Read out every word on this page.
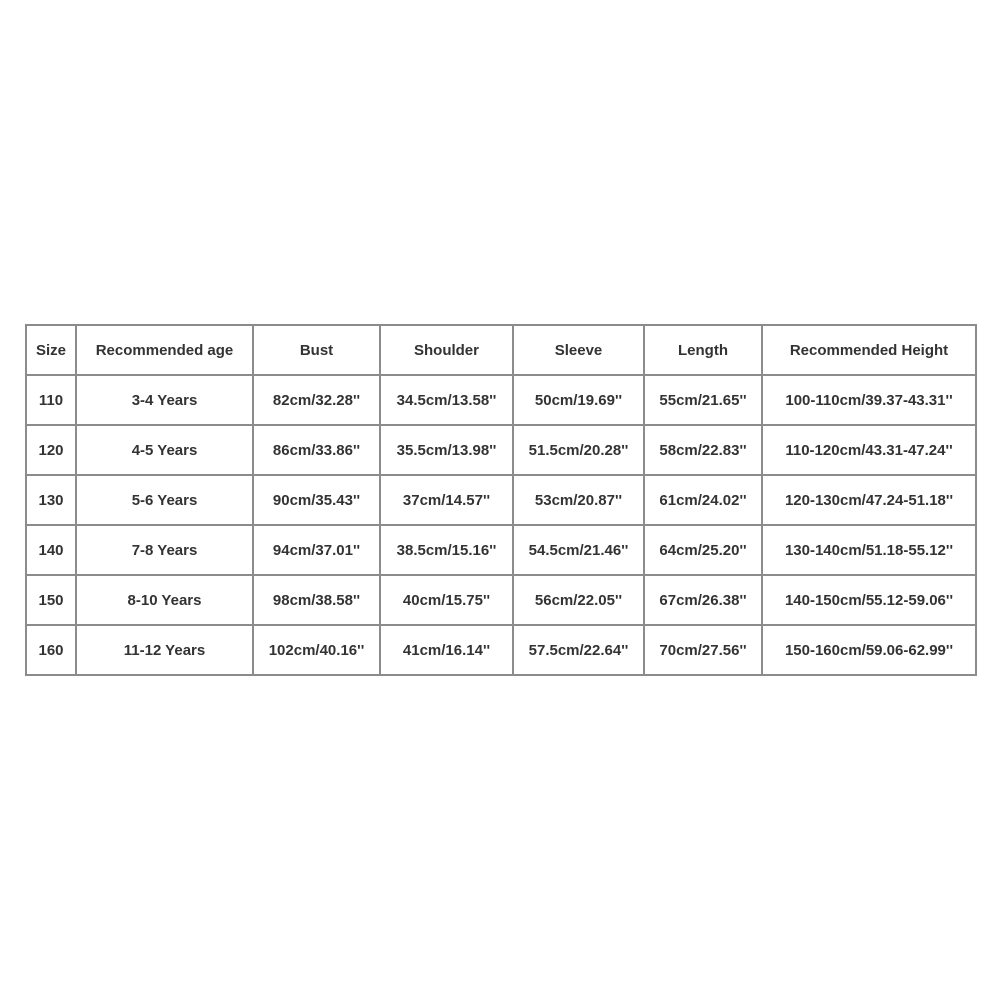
Size	Recommended age	Bust	Shoulder	Sleeve	Length	Recommended Height
110	3-4 Years	82cm/32.28''	34.5cm/13.58''	50cm/19.69''	55cm/21.65''	100-110cm/39.37-43.31''
120	4-5 Years	86cm/33.86''	35.5cm/13.98''	51.5cm/20.28''	58cm/22.83''	110-120cm/43.31-47.24''
130	5-6 Years	90cm/35.43''	37cm/14.57''	53cm/20.87''	61cm/24.02''	120-130cm/47.24-51.18''
140	7-8 Years	94cm/37.01''	38.5cm/15.16''	54.5cm/21.46''	64cm/25.20''	130-140cm/51.18-55.12''
150	8-10 Years	98cm/38.58''	40cm/15.75''	56cm/22.05''	67cm/26.38''	140-150cm/55.12-59.06''
160	11-12 Years	102cm/40.16''	41cm/16.14''	57.5cm/22.64''	70cm/27.56''	150-160cm/59.06-62.99''
